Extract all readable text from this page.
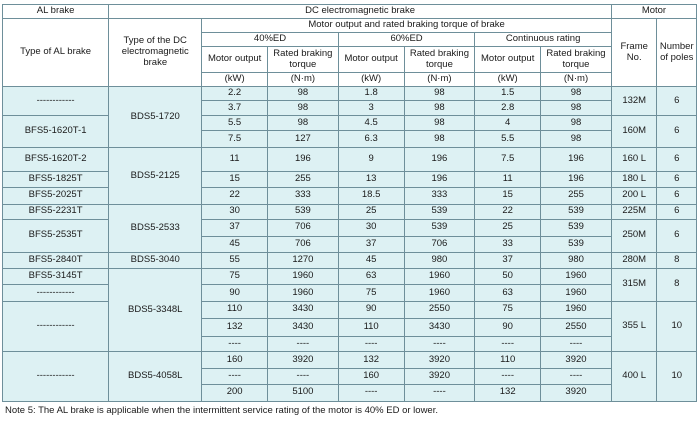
AL brake	DC electromagnetic brake							Motor	
Type of AL brake	Type of the DC electromagnetic brake	Motor output and rated braking torque of brake						Frame No.	Number of poles
		40%ED		60%ED		Continuous rating			
		Motor output	Rated braking torque	Motor output	Rated braking torque	Motor output	Rated braking torque		
		(kW)	(N·m)	(kW)	(N·m)	(kW)	(N·m)		
------------	BDS5-1720	2.2	98	1.8	98	1.5	98	132M	6
		3.7	98	3	98	2.8	98		
BFS5-1620T-1		5.5	98	4.5	98	4	98	160M	6
		7.5	127	6.3	98	5.5	98		
BFS5-1620T-2	BDS5-2125	11	196	9	196	7.5	196	160 L	6
BFS5-1825T		15	255	13	196	11	196	180 L	6
BFS5-2025T		22	333	18.5	333	15	255	200 L	6
BFS5-2231T	BDS5-2533	30	539	25	539	22	539	225M	6
BFS5-2535T		37	706	30	539	25	539	250M	6
		45	706	37	706	33	539		
BFS5-2840T	BDS5-3040	55	1270	45	980	37	980	280M	8
BFS5-3145T	BDS5-3348L	75	1960	63	1960	50	1960	315M	8
------------		90	1960	75	1960	63	1960		
------------		110	3430	90	2550	75	1960	355 L	10
		132	3430	110	3430	90	2550		
		----	----	----	----	----	----		
------------	BDS5-4058L	160	3920	132	3920	110	3920	400 L	10
		----	----	160	3920	----	----		
		200	5100	----	----	132	3920		
Note 5: The AL brake is applicable when the intermittent service rating of the motor is 40% ED or lower.
